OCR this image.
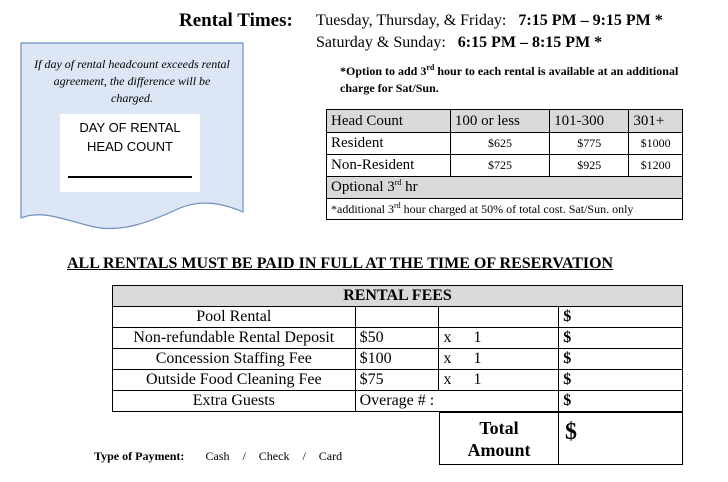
Rental Times: Tuesday, Thursday, & Friday: 7:15 PM – 9:15 PM *
Saturday & Sunday: 6:15 PM – 8:15 PM *
If day of rental headcount exceeds rental agreement, the difference will be charged.
DAY OF RENTAL
HEAD COUNT
*Option to add 3rd hour to each rental is available at an additional charge for Sat/Sun.
Head Count	100 or less	101-300	301+
Resident	$625	$775	$1000
Non-Resident	$725	$925	$1200
Optional 3rd hr			
*additional 3rd hour charged at 50% of total cost. Sat/Sun. only			
ALL RENTALS MUST BE PAID IN FULL AT THE TIME OF RESERVATION
RENTAL FEES			
Pool Rental			$
Non-refundable Rental Deposit	$50	x 1	$
Concession Staffing Fee	$100	x 1	$
Outside Food Cleaning Fee	$75	x 1	$
Extra Guests	Overage # :		$
Total
Amount
	$
Type of Payment: Cash / Check / Card
